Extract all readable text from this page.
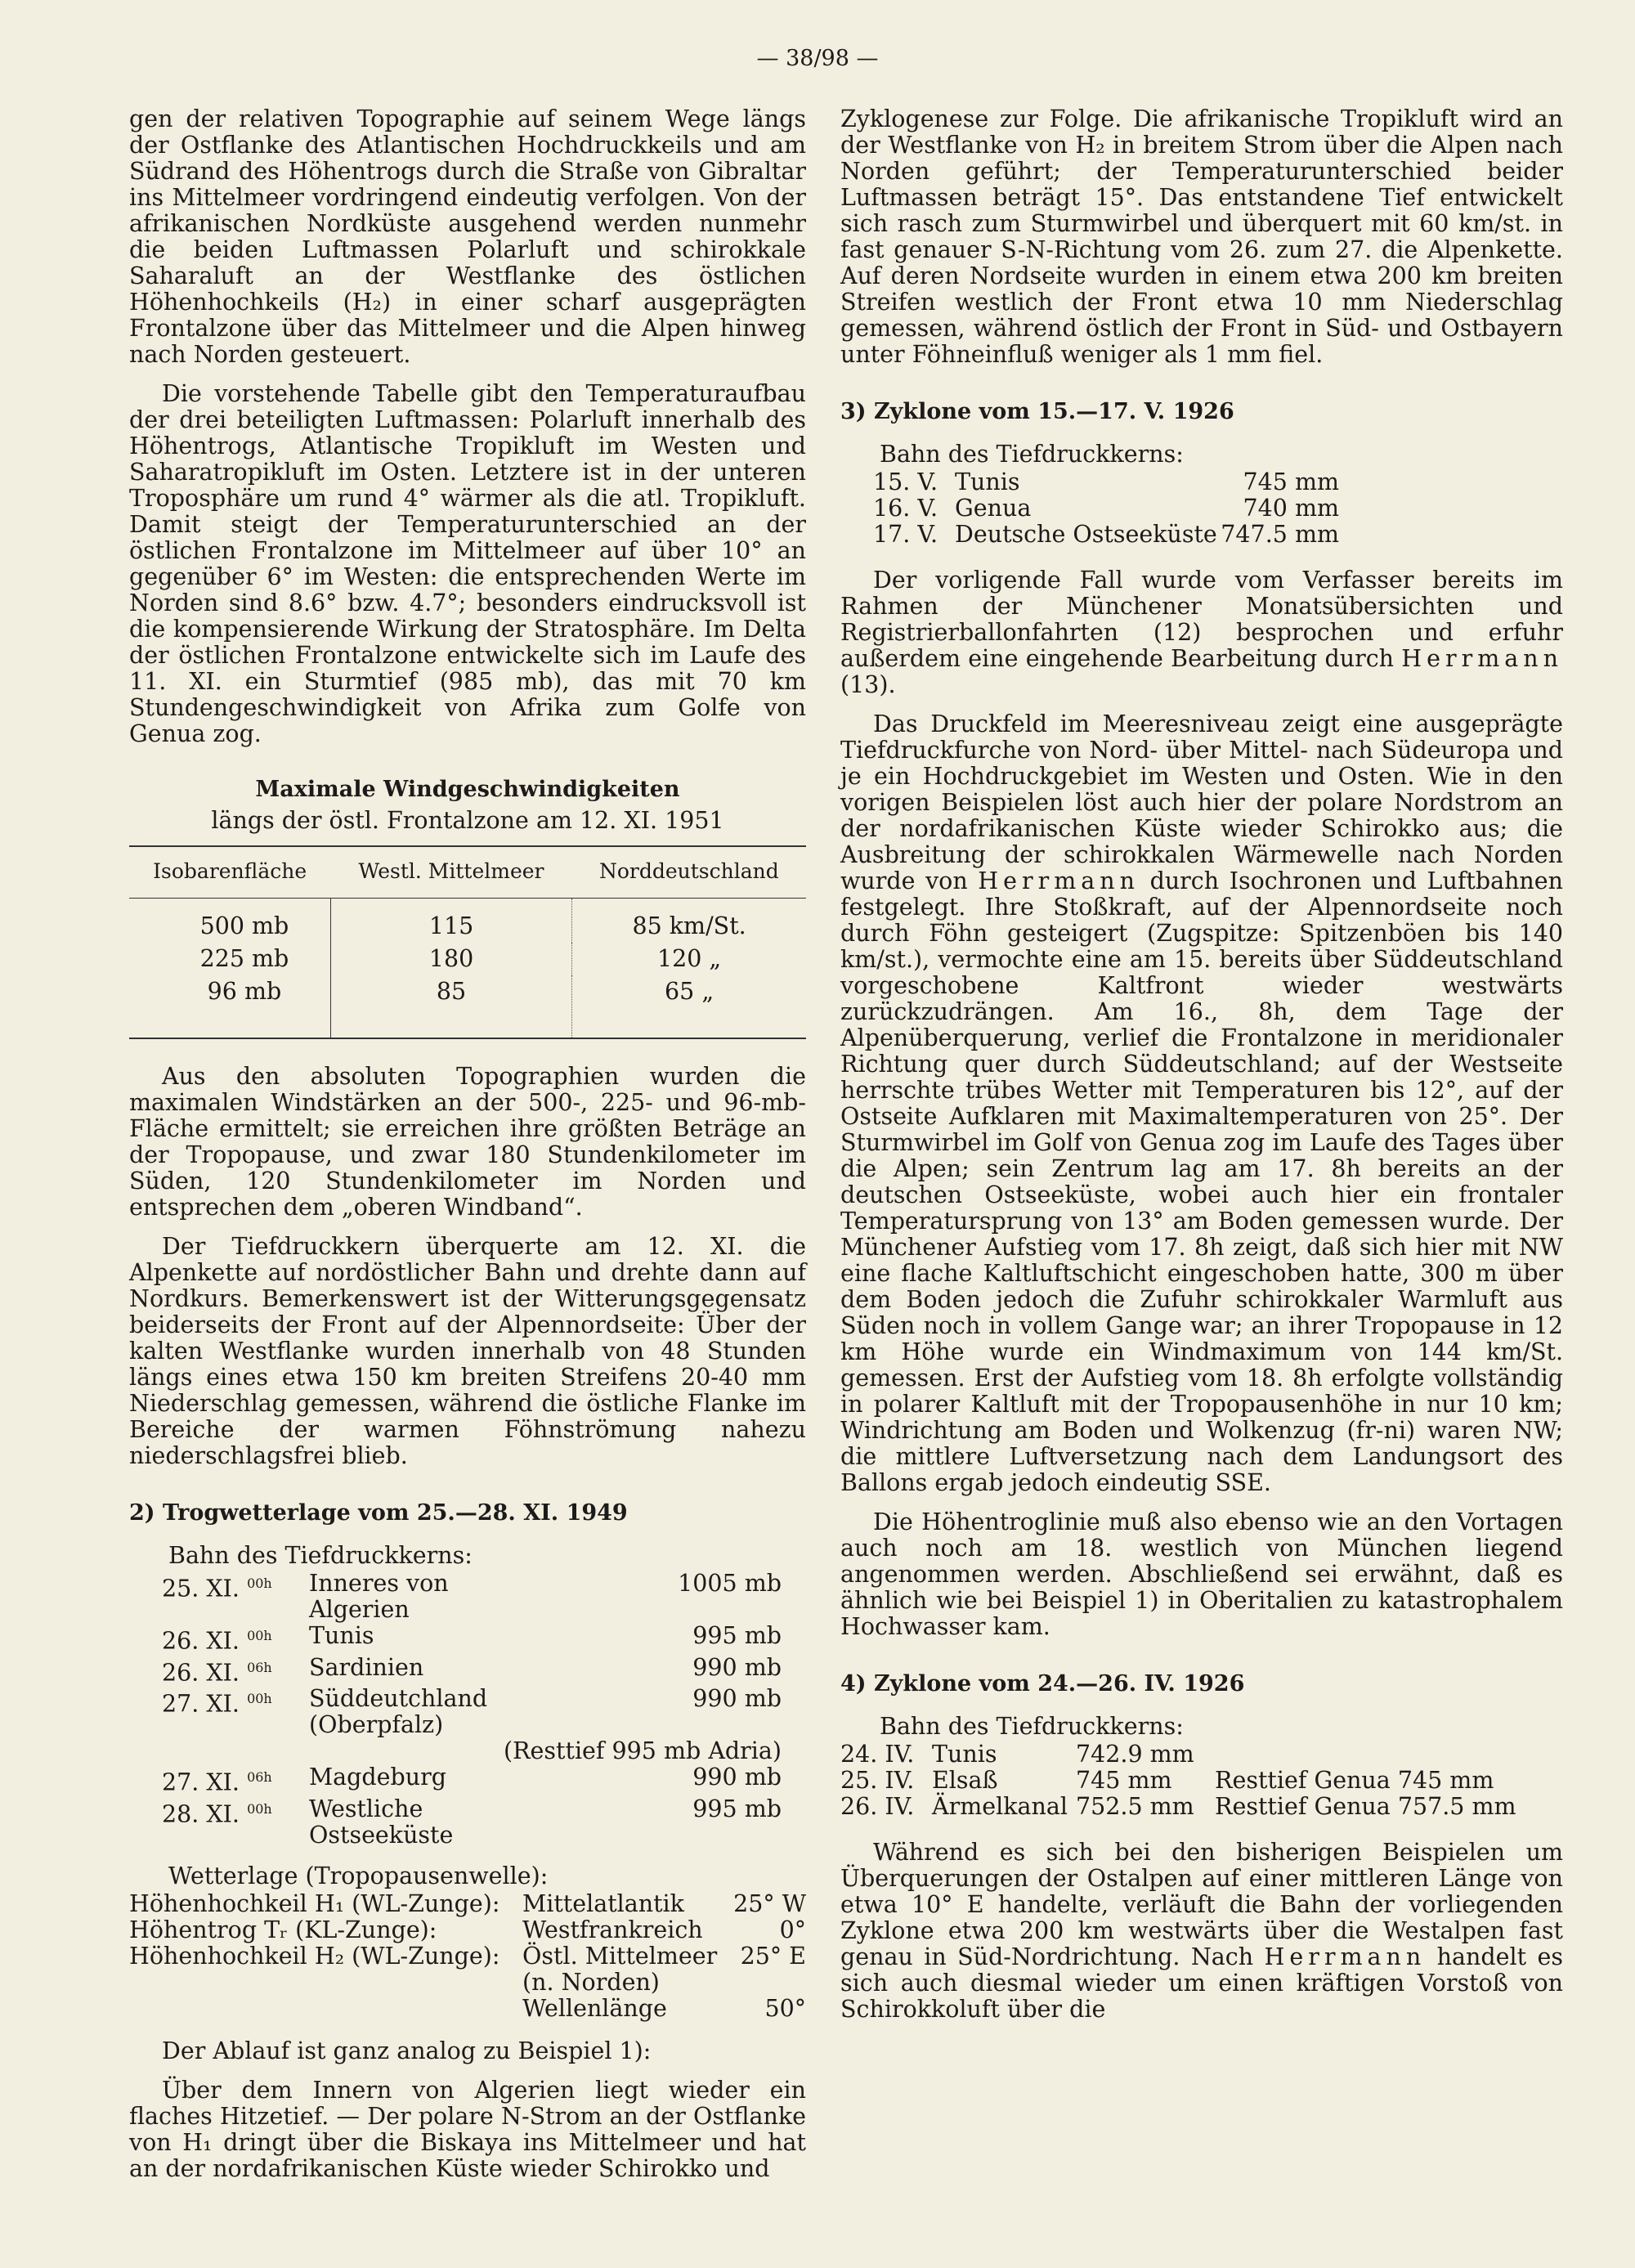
— 38/98 —

gen der relativen Topographie auf seinem Wege längs der Ostflanke des Atlantischen Hochdruckkeils und am Südrand des Höhentrogs durch die Straße von Gibraltar ins Mittelmeer vordringend eindeutig verfolgen. Von der afrikanischen Nordküste ausgehend werden nunmehr die beiden Luftmassen Polarluft und schirokkale Saharaluft an der Westflanke des östlichen Höhenhochkeils (H₂) in einer scharf ausgeprägten Frontalzone über das Mittelmeer und die Alpen hinweg nach Norden gesteuert.

Die vorstehende Tabelle gibt den Temperaturaufbau der drei beteiligten Luftmassen: Polarluft innerhalb des Höhentrogs, Atlantische Tropikluft im Westen und Saharatropikluft im Osten. Letztere ist in der unteren Troposphäre um rund 4° wärmer als die atl. Tropikluft. Damit steigt der Temperaturunterschied an der östlichen Frontalzone im Mittelmeer auf über 10° an gegenüber 6° im Westen: die entsprechenden Werte im Norden sind 8.6° bzw. 4.7°; besonders eindrucksvoll ist die kompensierende Wirkung der Stratosphäre. Im Delta der östlichen Frontalzone entwickelte sich im Laufe des 11. XI. ein Sturmtief (985 mb), das mit 70 km Stundengeschwindigkeit von Afrika zum Golfe von Genua zog.

Maximale Windgeschwindigkeiten
längs der östl. Frontalzone am 12. XI. 1951
Isobarenfläche	Westl. Mittelmeer	Norddeutschland
500 mb	115	85 km/St.
225 mb	180	120 „
96 mb	85	65 „

Aus den absoluten Topographien wurden die maximalen Windstärken an der 500-, 225- und 96-mb-Fläche ermittelt; sie erreichen ihre größten Beträge an der Tropopause, und zwar 180 Stundenkilometer im Süden, 120 Stundenkilometer im Norden und entsprechen dem „oberen Windband“.

Der Tiefdruckkern überquerte am 12. XI. die Alpenkette auf nordöstlicher Bahn und drehte dann auf Nordkurs. Bemerkenswert ist der Witterungsgegensatz beiderseits der Front auf der Alpennordseite: Über der kalten Westflanke wurden innerhalb von 48 Stunden längs eines etwa 150 km breiten Streifens 20-40 mm Niederschlag gemessen, während die östliche Flanke im Bereiche der warmen Föhnströmung nahezu niederschlagsfrei blieb.

2) Trogwetterlage vom 25.—28. XI. 1949
Bahn des Tiefdruckkerns:
25. XI. $^{00h}$	Inneres von Algerien	1005 mb
26. XI. $^{00h}$	Tunis	995 mb
26. XI. $^{06h}$	Sardinien	990 mb
27. XI. $^{00h}$	Süddeutchland (Oberpfalz)	990 mb
		(Resttief 995 mb Adria)
27. XI. $^{06h}$	Magdeburg	990 mb
28. XI. $^{00h}$	Westliche Ostseeküste	995 mb
Wetterlage (Tropopausenwelle):
Höhenhochkeil H₁ (WL-Zunge):	Mittelatlantik	25° W
Höhentrog Tᵣ (KL-Zunge):	Westfrankreich	0°
Höhenhochkeil H₂ (WL-Zunge):	Östl. Mittelmeer	25° E
	(n. Norden)	
	Wellenlänge	50°

Der Ablauf ist ganz analog zu Beispiel 1):

Über dem Innern von Algerien liegt wieder ein flaches Hitzetief. — Der polare N-Strom an der Ostflanke von H₁ dringt über die Biskaya ins Mittelmeer und hat an der nordafrikanischen Küste wieder Schirokko und

Zyklogenese zur Folge. Die afrikanische Tropikluft wird an der Westflanke von H₂ in breitem Strom über die Alpen nach Norden geführt; der Temperaturunterschied beider Luftmassen beträgt 15°. Das entstandene Tief entwickelt sich rasch zum Sturmwirbel und überquert mit 60 km/st. in fast genauer S-N-Richtung vom 26. zum 27. die Alpenkette. Auf deren Nordseite wurden in einem etwa 200 km breiten Streifen westlich der Front etwa 10 mm Niederschlag gemessen, während östlich der Front in Süd- und Ostbayern unter Föhneinfluß weniger als 1 mm fiel.

3) Zyklone vom 15.—17. V. 1926
Bahn des Tiefdruckkerns:
15. V.	Tunis	745 mm
16. V.	Genua	740 mm
17. V.	Deutsche Ostseeküste	747.5 mm

Der vorligende Fall wurde vom Verfasser bereits im Rahmen der Münchener Monatsübersichten und Registrierballonfahrten (12) besprochen und erfuhr außerdem eine eingehende Bearbeitung durch Herrmann (13).

Das Druckfeld im Meeresniveau zeigt eine ausgeprägte Tiefdruckfurche von Nord- über Mittel- nach Südeuropa und je ein Hochdruckgebiet im Westen und Osten. Wie in den vorigen Beispielen löst auch hier der polare Nordstrom an der nordafrikanischen Küste wieder Schirokko aus; die Ausbreitung der schirokkalen Wärmewelle nach Norden wurde von Herrmann durch Isochronen und Luftbahnen festgelegt. Ihre Stoßkraft, auf der Alpennordseite noch durch Föhn gesteigert (Zugspitze: Spitzenböen bis 140 km/st.), vermochte eine am 15. bereits über Süddeutschland vorgeschobene Kaltfront wieder westwärts zurückzudrängen. Am 16., 8h, dem Tage der Alpenüberquerung, verlief die Frontalzone in meridionaler Richtung quer durch Süddeutschland; auf der Westseite herrschte trübes Wetter mit Temperaturen bis 12°, auf der Ostseite Aufklaren mit Maximaltemperaturen von 25°. Der Sturmwirbel im Golf von Genua zog im Laufe des Tages über die Alpen; sein Zentrum lag am 17. 8h bereits an der deutschen Ostseeküste, wobei auch hier ein frontaler Temperatursprung von 13° am Boden gemessen wurde. Der Münchener Aufstieg vom 17. 8h zeigt, daß sich hier mit NW eine flache Kaltluftschicht eingeschoben hatte, 300 m über dem Boden jedoch die Zufuhr schirokkaler Warmluft aus Süden noch in vollem Gange war; an ihrer Tropopause in 12 km Höhe wurde ein Windmaximum von 144 km/St. gemessen. Erst der Aufstieg vom 18. 8h erfolgte vollständig in polarer Kaltluft mit der Tropopausenhöhe in nur 10 km; Windrichtung am Boden und Wolkenzug (fr-ni) waren NW; die mittlere Luftversetzung nach dem Landungsort des Ballons ergab jedoch eindeutig SSE.

Die Höhentroglinie muß also ebenso wie an den Vortagen auch noch am 18. westlich von München liegend angenommen werden. Abschließend sei erwähnt, daß es ähnlich wie bei Beispiel 1) in Oberitalien zu katastrophalem Hochwasser kam.

4) Zyklone vom 24.—26. IV. 1926
Bahn des Tiefdruckkerns:
24. IV.	Tunis	742.9 mm	
25. IV.	Elsaß	745 mm	Resttief Genua 745 mm
26. IV.	Ärmelkanal	752.5 mm	Resttief Genua 757.5 mm

Während es sich bei den bisherigen Beispielen um Überquerungen der Ostalpen auf einer mittleren Länge von etwa 10° E handelte, verläuft die Bahn der vorliegenden Zyklone etwa 200 km westwärts über die Westalpen fast genau in Süd-Nordrichtung. Nach Herrmann handelt es sich auch diesmal wieder um einen kräftigen Vorstoß von Schirokkoluft über die
